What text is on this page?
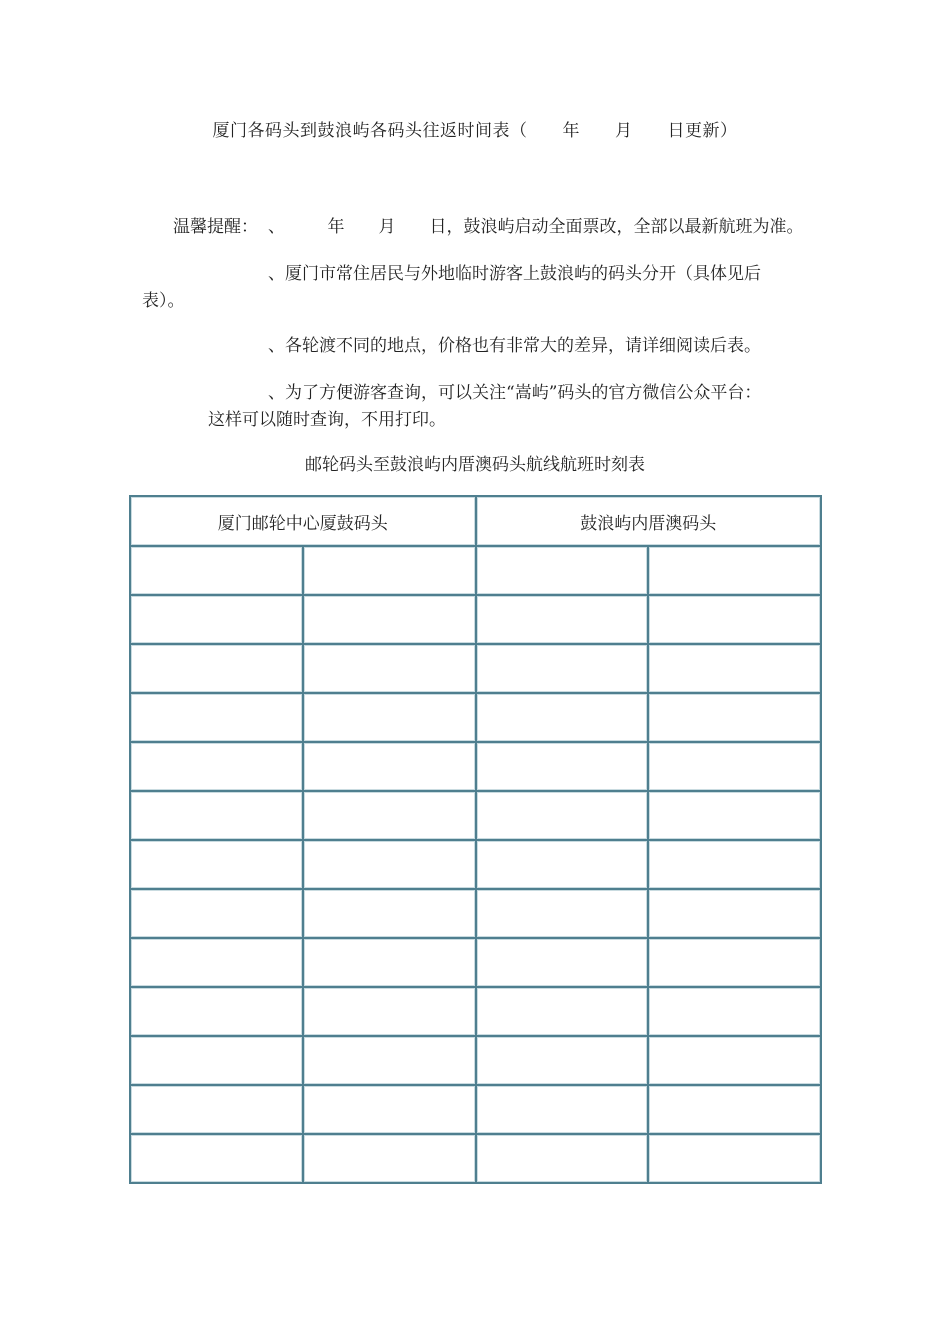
厦门各码头到鼓浪屿各码头往返时间表（　　年　　月　　日更新）
温馨提醒： 、　　　年　　月　　日，鼓浪屿启动全面票改，全部以最新航班为准。
、厦门市常住居民与外地临时游客上鼓浪屿的码头分开（具体见后
表）。
、各轮渡不同的地点，价格也有非常大的差异，请详细阅读后表。
、为了方便游客查询，可以关注“嵩屿”码头的官方微信公众平台：
这样可以随时查询，不用打印。
邮轮码头至鼓浪屿内厝澳码头航线航班时刻表
厦门邮轮中心厦鼓码头		鼓浪屿内厝澳码头	
